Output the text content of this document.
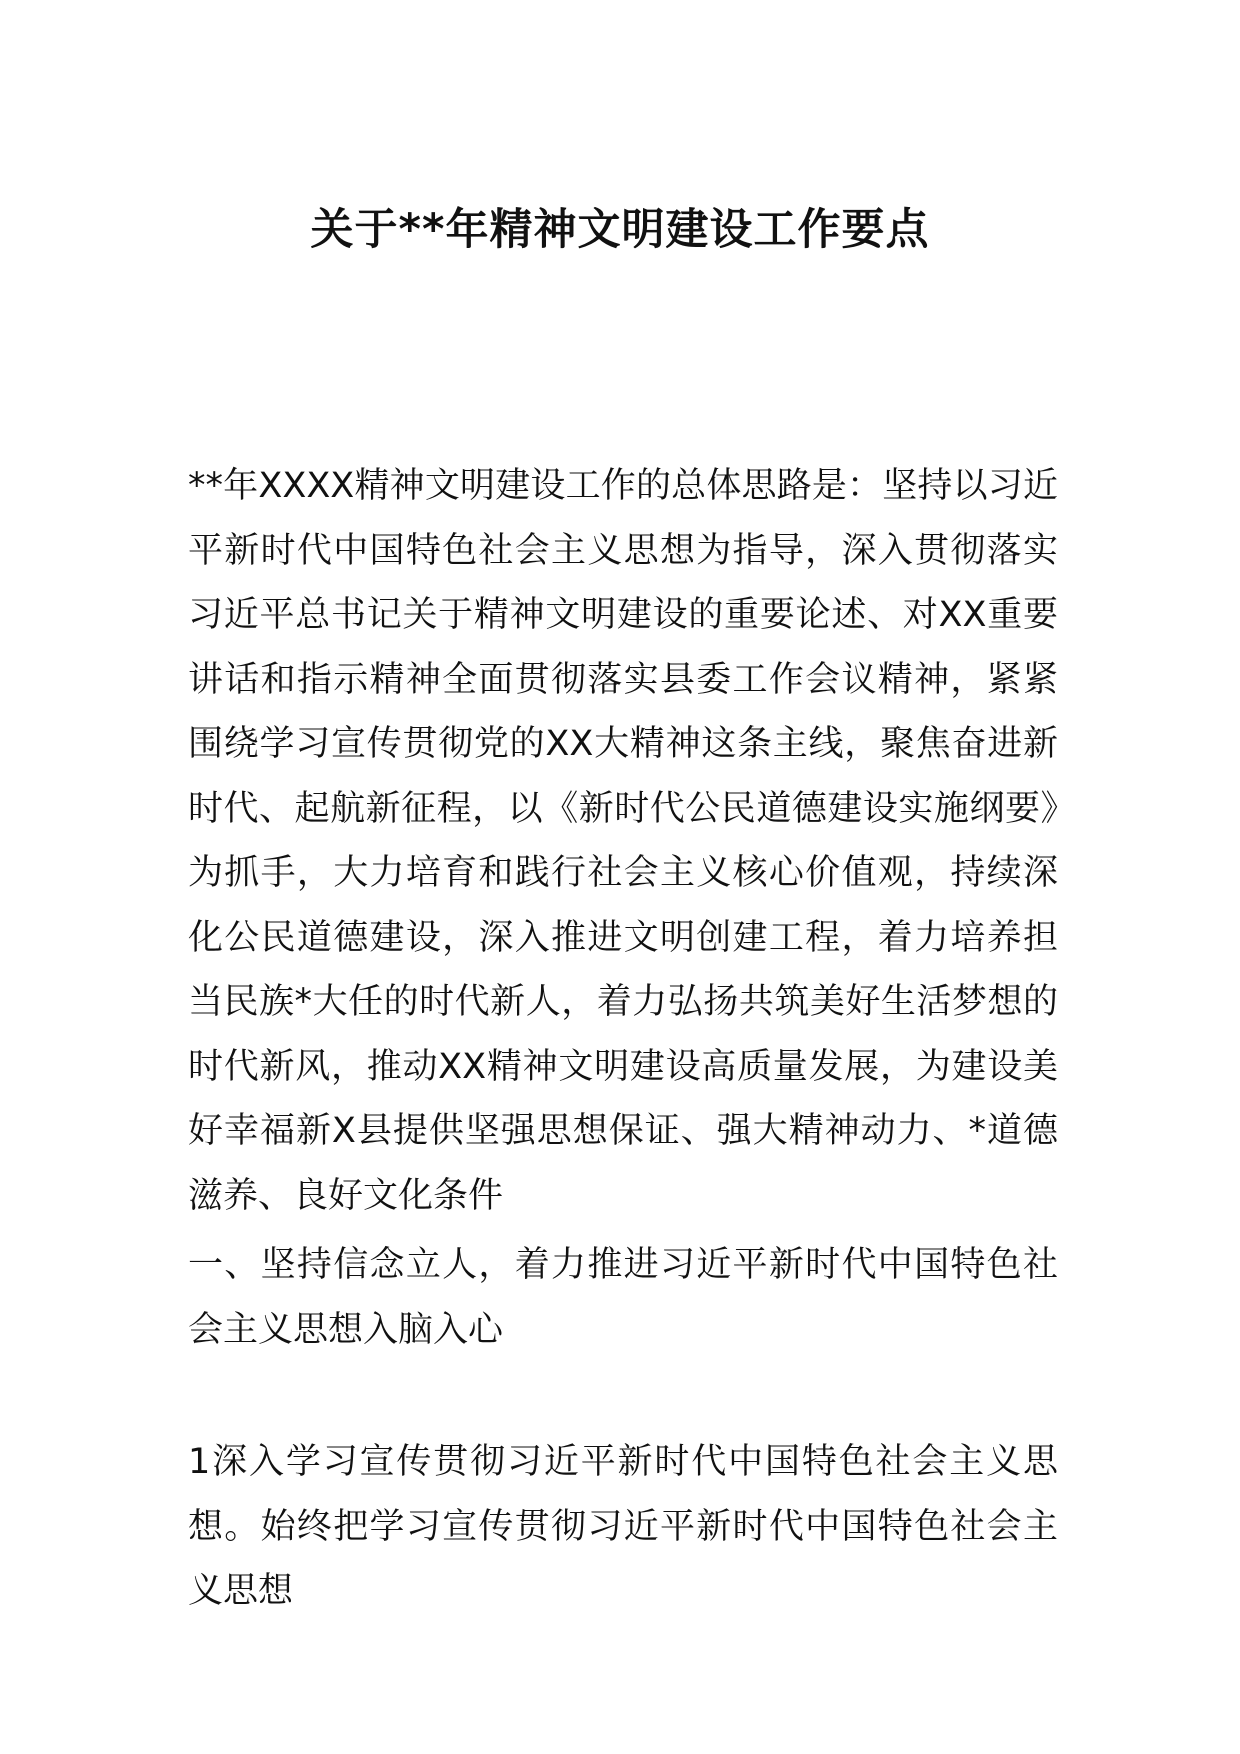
关于**年精神文明建设工作要点

**年XXXX精神文明建设工作的总体思路是：坚持以习近平新时代中国特色社会主义思想为指导，深入贯彻落实习近平总书记关于精神文明建设的重要论述、对XX重要讲话和指示精神全面贯彻落实县委工作会议精神，紧紧围绕学习宣传贯彻党的XX大精神这条主线，聚焦奋进新时代、起航新征程，以《新时代公民道德建设实施纲要》为抓手，大力培育和践行社会主义核心价值观，持续深化公民道德建设，深入推进文明创建工程，着力培养担当民族*大任的时代新人，着力弘扬共筑美好生活梦想的时代新风，推动XX精神文明建设高质量发展，为建设美好幸福新X县提供坚强思想保证、强大精神动力、*道德滋养、良好文化条件

一、坚持信念立人，着力推进习近平新时代中国特色社会主义思想入脑入心

1深入学习宣传贯彻习近平新时代中国特色社会主义思想。始终把学习宣传贯彻习近平新时代中国特色社会主义思想
